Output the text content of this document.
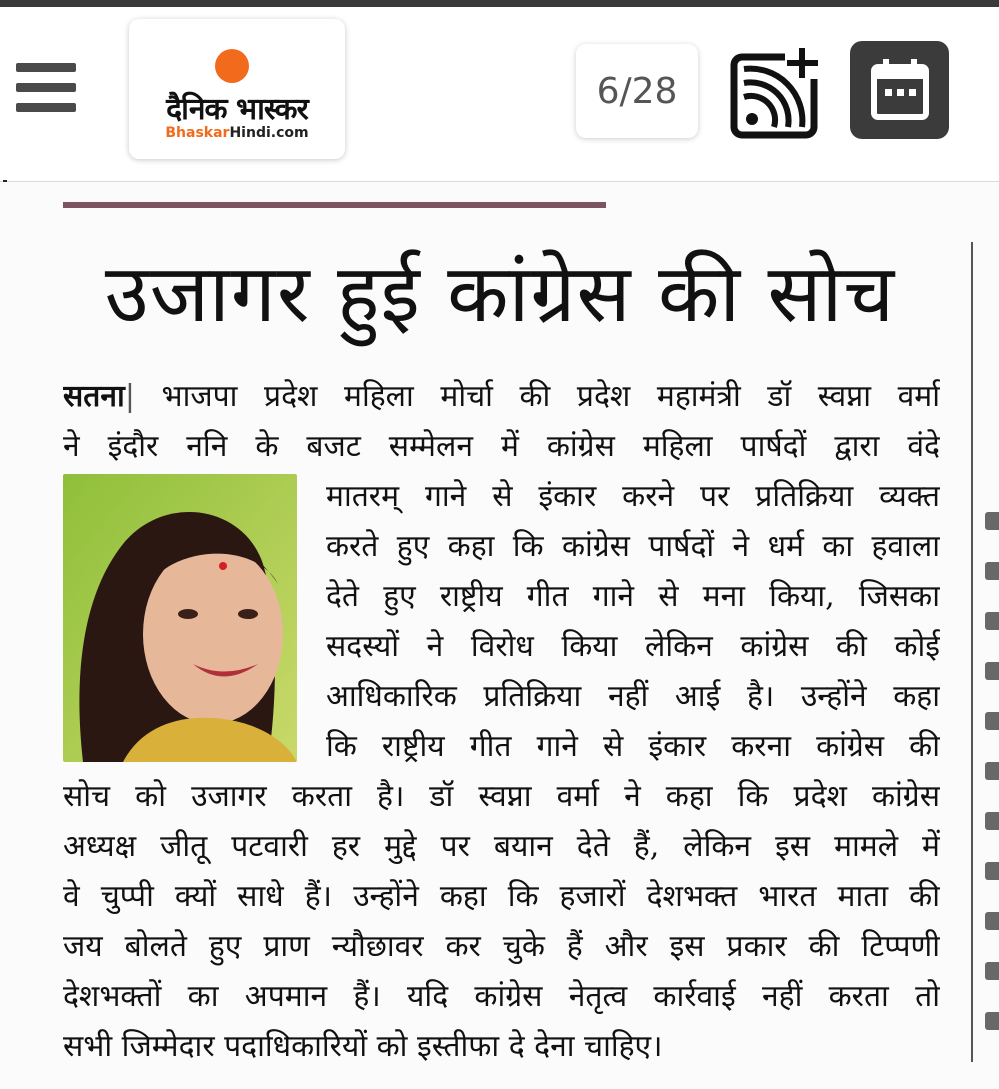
दैनिक भास्कर
BhaskarHindi.com
6/28
उजागर हुई कांग्रेस की सोच
सतना| भाजपा प्रदेश महिला मोर्चा की प्रदेश महामंत्री डॉ स्वप्ना वर्मा
ने इंदौर ननि के बजट सम्मेलन में कांग्रेस महिला पार्षदों द्वारा वंदे
मातरम् गाने से इंकार करने पर प्रतिक्रिया व्यक्त
करते हुए कहा कि कांग्रेस पार्षदों ने धर्म का हवाला
देते हुए राष्ट्रीय गीत गाने से मना किया, जिसका
सदस्यों ने विरोध किया लेकिन कांग्रेस की कोई
आधिकारिक प्रतिक्रिया नहीं आई है। उन्होंने कहा
कि राष्ट्रीय गीत गाने से इंकार करना कांग्रेस की
सोच को उजागर करता है। डॉ स्वप्ना वर्मा ने कहा कि प्रदेश कांग्रेस
अध्यक्ष जीतू पटवारी हर मुद्दे पर बयान देते हैं, लेकिन इस मामले में
वे चुप्पी क्यों साधे हैं। उन्होंने कहा कि हजारों देशभक्त भारत माता की
जय बोलते हुए प्राण न्यौछावर कर चुके हैं और इस प्रकार की टिप्पणी
देशभक्तों का अपमान हैं। यदि कांग्रेस नेतृत्व कार्रवाई नहीं करता तो
सभी जिम्मेदार पदाधिकारियों को इस्तीफा दे देना चाहिए।
